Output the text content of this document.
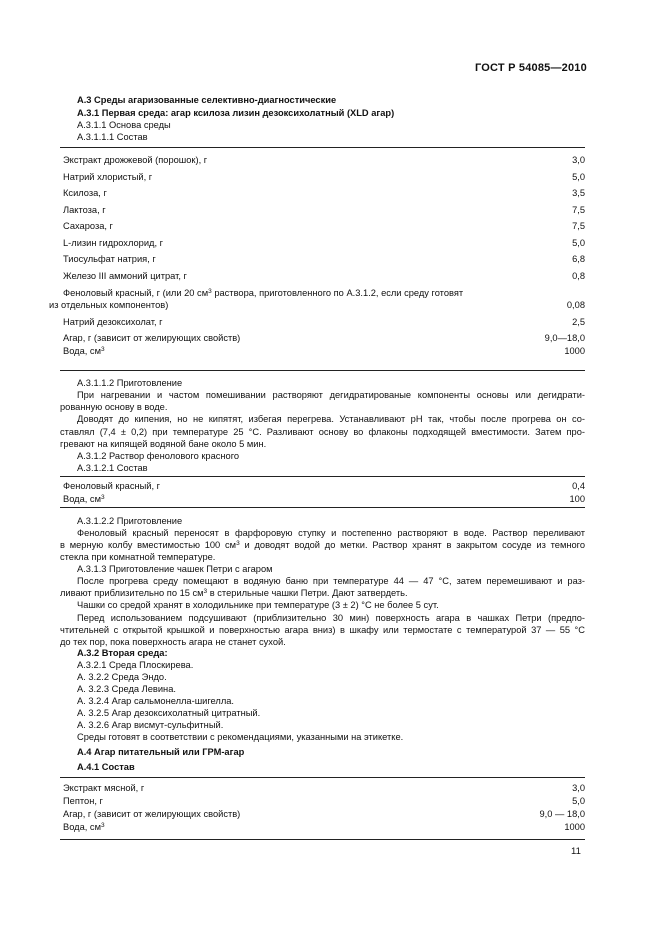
ГОСТ Р 54085—2010
А.3 Среды агаризованные селективно-диагностические
А.3.1 Первая среда: агар ксилоза лизин дезоксихолатный (XLD агар)
А.3.1.1 Основа среды
А.3.1.1.1 Состав
Экстракт дрожжевой (порошок), г	3,0
Натрий хлористый, г	5,0
Ксилоза, г	3,5
Лактоза, г	7,5
Сахароза, г	7,5
L-лизин гидрохлорид, г	5,0
Тиосульфат натрия, г	6,8
Железо III аммоний цитрат, г	0,8
Феноловый красный, г (или 20 $см^3$ раствора, приготовленного по А.3.1.2, если среду готовят
из отдельных компонентов)	0,08
Натрий дезоксихолат, г	2,5
Агар, г (зависит от желирующих свойств)	9,0—18,0
Вода, $см^3$	1000
А.3.1.1.2 Приготовление
При нагревании и частом помешивании растворяют дегидратированые компоненты основы или дегидрати-
рованную основу в воде.
Доводят до кипения, но не кипятят, избегая перегрева. Устанавливают pH так, чтобы после прогрева он со-
ставлял (7,4 ± 0,2) при температуре 25 °С. Разливают основу во флаконы подходящей вместимости. Затем про-
гревают на кипящей водяной бане около 5 мин.
А.3.1.2 Раствор фенолового красного
А.3.1.2.1 Состав
Феноловый красный, г	0,4
Вода, $см^3$	100
А.3.1.2.2 Приготовление
Феноловый красный переносят в фарфоровую ступку и постепенно растворяют в воде. Раствор переливают
в мерную колбу вместимостью 100 $см^3$ и доводят водой до метки. Раствор хранят в закрытом сосуде из темного
стекла при комнатной температуре.
А.3.1.3 Приготовление чашек Петри с агаром
После прогрева среду помещают в водяную баню при температуре 44 — 47 °С, затем перемешивают и раз-
ливают приблизительно по 15 $см^3$ в стерильные чашки Петри. Дают затвердеть.
Чашки со средой хранят в холодильнике при температуре (3 ± 2) °С не более 5 сут.
Перед использованием подсушивают (приблизительно 30 мин) поверхность агара в чашках Петри (предпо-
чтительней с открытой крышкой и поверхностью агара вниз) в шкафу или термостате с температурой 37 — 55 °С
до тех пор, пока поверхность агара не станет сухой.
А.3.2 Вторая среда:
А.3.2.1 Среда Плоскирева.
А. 3.2.2 Среда Эндо.
А. 3.2.3 Среда Левина.
А. 3.2.4 Агар сальмонелла-шигелла.
А. 3.2.5 Агар дезоксихолатный цитратный.
А. 3.2.6 Агар висмут-сульфитный.
Среды готовят в соответствии с рекомендациями, указанными на этикетке.
А.4 Агар питательный или ГРМ-агар
А.4.1 Состав
Экстракт мясной, г	3,0
Пептон, г	5,0
Агар, г (зависит от желирующих свойств)	9,0 — 18,0
Вода, $см^3$	1000
11
